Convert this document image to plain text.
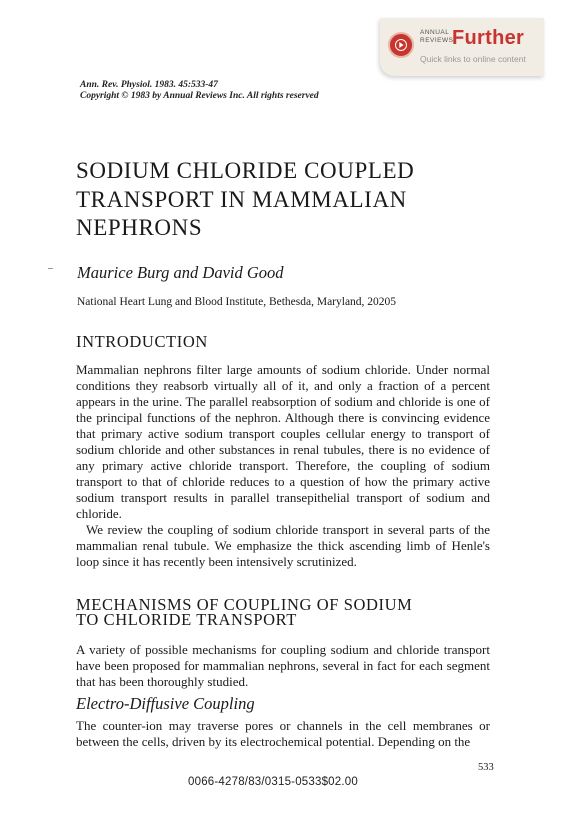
ANNUAL
REVIEWS
Further
Quick links to online content
Ann. Rev. Physiol. 1983. 45:533-47
Copyright © 1983 by Annual Reviews Inc. All rights reserved
SODIUM CHLORIDE COUPLED TRANSPORT IN MAMMALIAN NEPHRONS
Maurice Burg and David Good
National Heart Lung and Blood Institute, Bethesda, Maryland, 20205
INTRODUCTION
Mammalian nephrons filter large amounts of sodium chloride. Under normal conditions they reabsorb virtually all of it, and only a fraction of a percent appears in the urine. The parallel reabsorption of sodium and chloride is one of the principal functions of the nephron. Although there is convincing evidence that primary active sodium transport couples cellular energy to transport of sodium chloride and other substances in renal tubules, there is no evidence of any primary active chloride transport. Therefore, the coupling of sodium transport to that of chloride reduces to a question of how the primary active sodium transport results in parallel transepithelial transport of sodium and chloride.
We review the coupling of sodium chloride transport in several parts of the mammalian renal tubule. We emphasize the thick ascending limb of Henle's loop since it has recently been intensively scrutinized.
MECHANISMS OF COUPLING OF SODIUM
TO CHLORIDE TRANSPORT
A variety of possible mechanisms for coupling sodium and chloride transport have been proposed for mammalian nephrons, several in fact for each segment that has been thoroughly studied.
Electro-Diffusive Coupling
The counter-ion may traverse pores or channels in the cell membranes or between the cells, driven by its electrochemical potential. Depending on the
533
0066-4278/83/0315-0533$02.00
